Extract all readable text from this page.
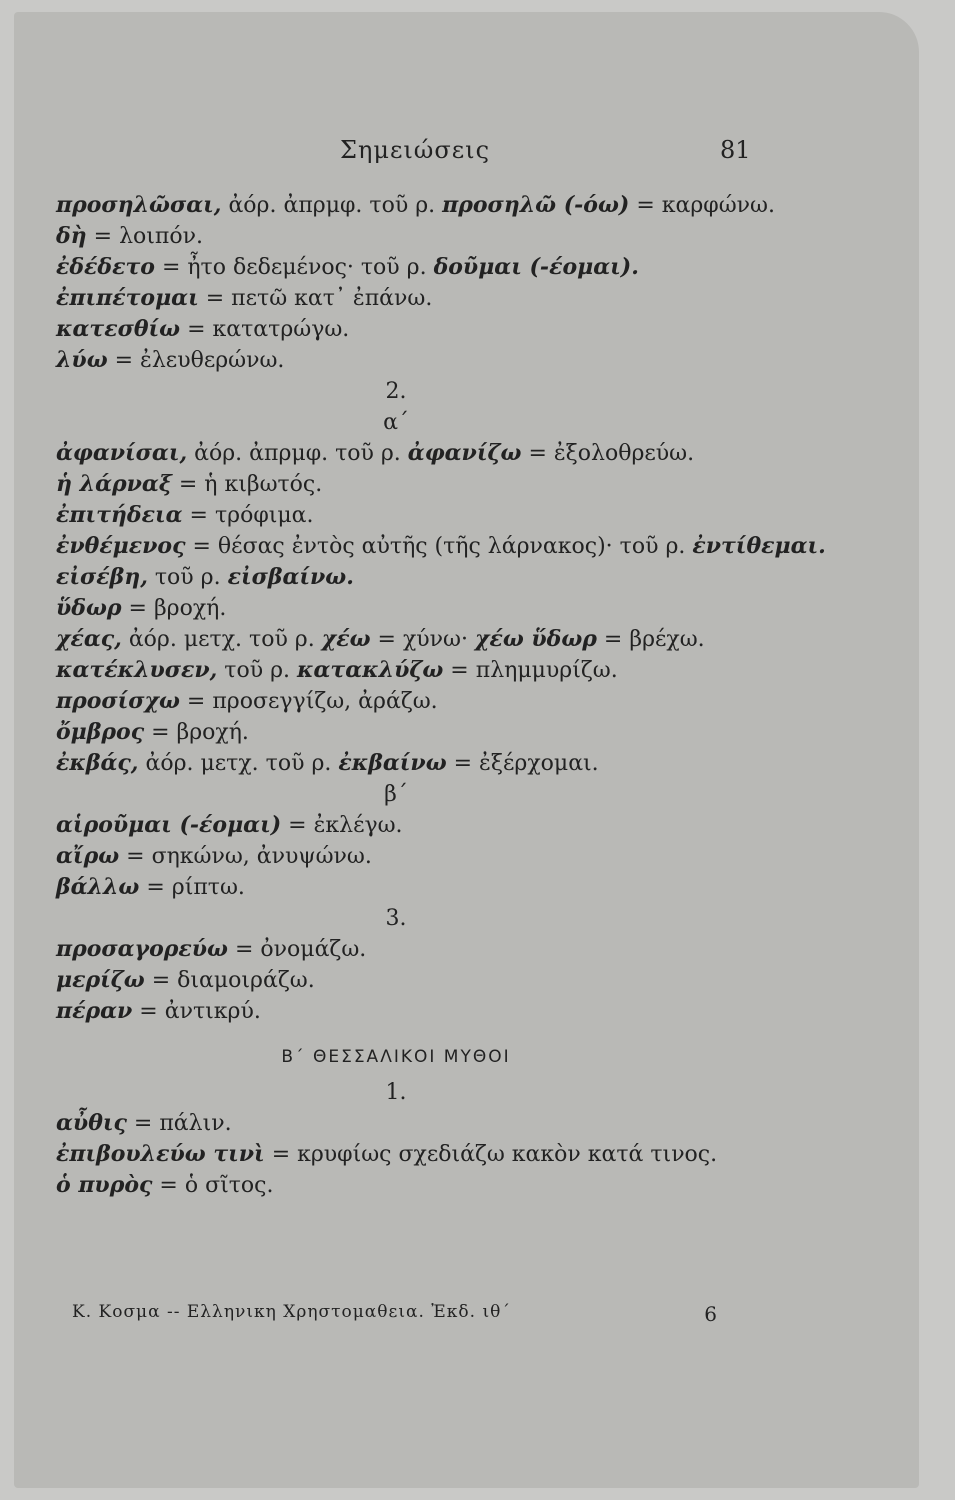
Σημειώσεις	81
προσηλῶσαι, ἀόρ. ἀπρμφ. τοῦ ρ. προσηλῶ (-όω) = καρφώνω.
δὴ = λοιπόν.
ἐδέδετο = ἦτο δεδεμένος· τοῦ ρ. δοῦμαι (-έομαι).
ἐπιπέτομαι = πετῶ κατ᾽ ἐπάνω.
κατεσθίω = κατατρώγω.
λύω = ἐλευθερώνω.
2.
α΄
ἀφανίσαι, ἀόρ. ἀπρμφ. τοῦ ρ. ἀφανίζω = ἐξολοθρεύω.
ἡ λάρναξ = ἡ κιβωτός.
ἐπιτήδεια = τρόφιμα.
ἐνθέμενος = θέσας ἐντὸς αὐτῆς (τῆς λάρνακος)· τοῦ ρ. ἐντίθεμαι.
εἰσέβη, τοῦ ρ. εἰσβαίνω.
ὕδωρ = βροχή.
χέας, ἀόρ. μετχ. τοῦ ρ. χέω = χύνω· χέω ὕδωρ = βρέχω.
κατέκλυσεν, τοῦ ρ. κατακλύζω = πλημμυρίζω.
προσίσχω = προσεγγίζω, ἀράζω.
ὄμβρος = βροχή.
ἐκβάς, ἀόρ. μετχ. τοῦ ρ. ἐκβαίνω = ἐξέρχομαι.
β΄
αἱροῦμαι (-έομαι) = ἐκλέγω.
αἴρω = σηκώνω, ἀνυψώνω.
βάλλω = ρίπτω.
3.
προσαγορεύω = ὀνομάζω.
μερίζω = διαμοιράζω.
πέραν = ἀντικρύ.
Β΄ ΘΕΣΣΑΛΙΚΟΙ ΜΥΘΟΙ
1.
αὖθις = πάλιν.
ἐπιβουλεύω τινὶ = κρυφίως σχεδιάζω κακὸν κατά τινος.
ὁ πυρὸς = ὁ σῖτος.
Κ. Κοσμα -- Ελληνικη Χρηστομαθεια. Ἐκδ. ιθ΄	6
